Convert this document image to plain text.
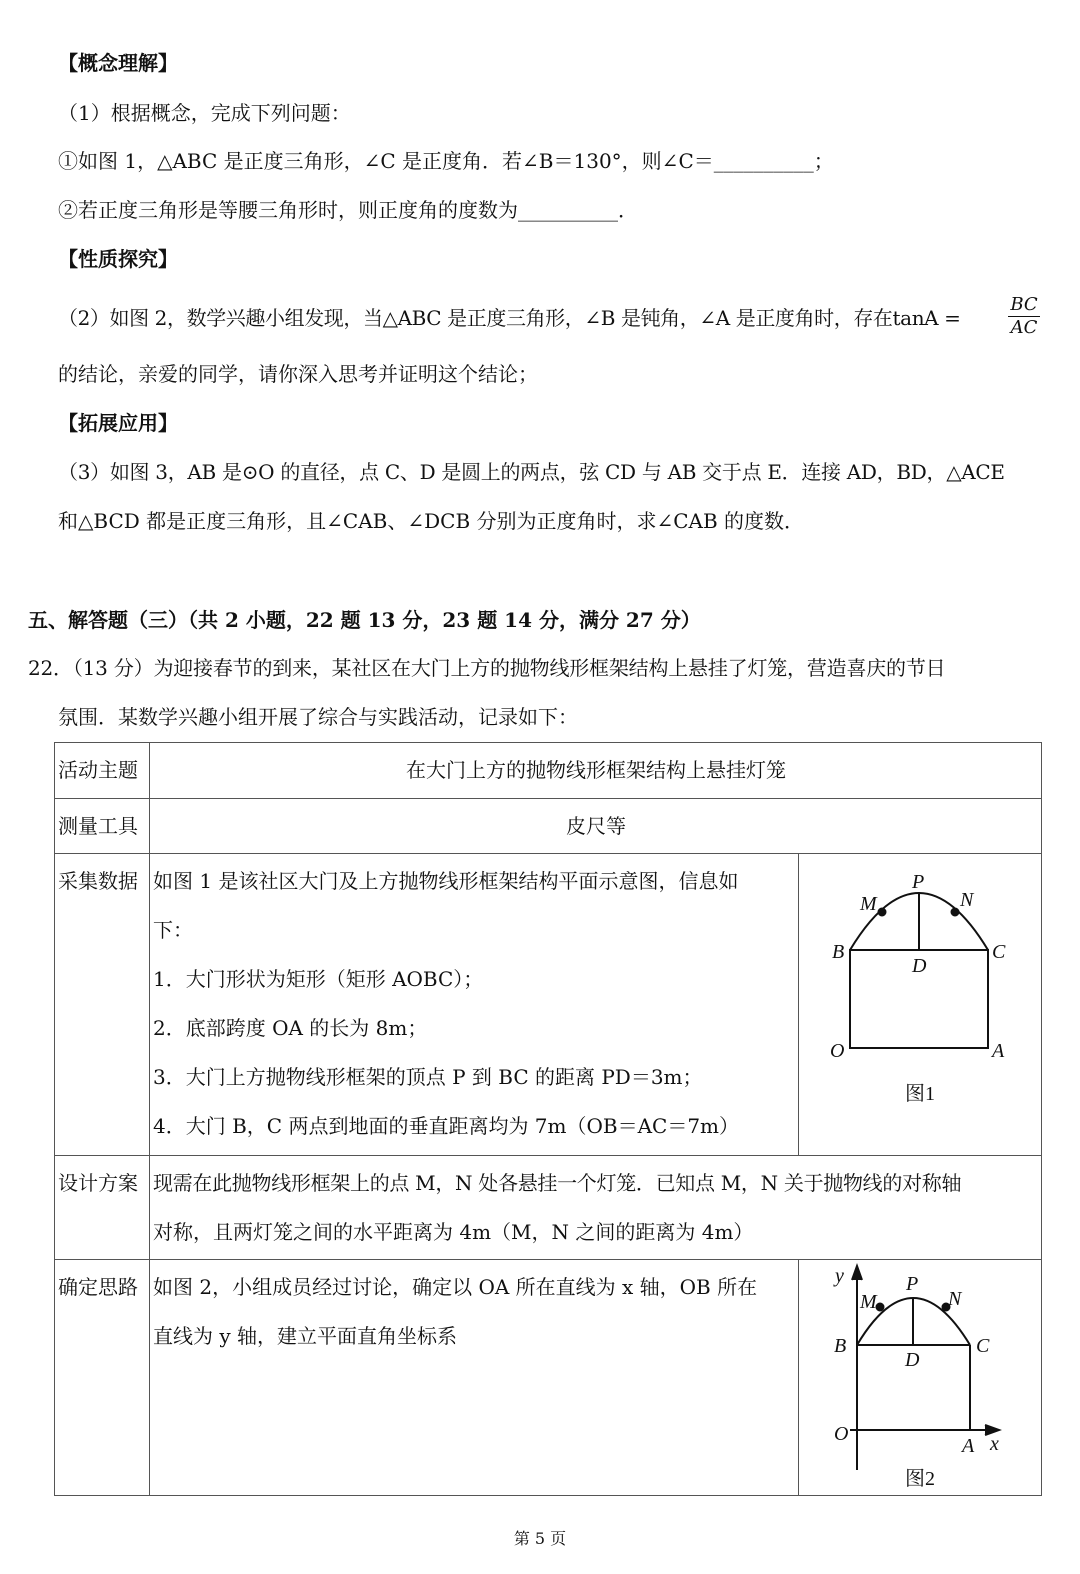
【概念理解】
（1）根据概念，完成下列问题：
①如图 1，△ABC 是正度三角形，∠C 是正度角．若∠B＝130°，则∠C＝__________；
②若正度三角形是等腰三角形时，则正度角的度数为__________．
【性质探究】
（2）如图 2，数学兴趣小组发现，当△ABC 是正度三角形，∠B 是钝角，∠A 是正度角时，存在tanA =	$\frac{BC}{AC}$
的结论，亲爱的同学，请你深入思考并证明这个结论；
【拓展应用】
（3）如图 3，AB 是⊙O 的直径，点 C、D 是圆上的两点，弦 CD 与 AB 交于点 E．连接 AD，BD，△ACE
和△BCD 都是正度三角形，且∠CAB、∠DCB 分别为正度角时，求∠CAB 的度数．
五、解答题（三）（共 2 小题，22 题 13 分，23 题 14 分，满分 27 分）
22．（13 分）为迎接春节的到来，某社区在大门上方的抛物线形框架结构上悬挂了灯笼，营造喜庆的节日
氛围．某数学兴趣小组开展了综合与实践活动，记录如下：
活动主题	在大门上方的抛物线形框架结构上悬挂灯笼
测量工具	皮尺等
采集数据 如图 1 是该社区大门及上方抛物线形框架结构平面示意图，信息如
下：
1．大门形状为矩形（矩形 AOBC）；
2．底部跨度 OA 的长为 8m；
3．大门上方抛物线形框架的顶点 P 到 BC 的距离 PD＝3m；
4．大门 B，C 两点到地面的垂直距离均为 7m（OB＝AC＝7m）
设计方案 现需在此抛物线形框架上的点 M，N 处各悬挂一个灯笼．已知点 M，N 关于抛物线的对称轴
对称，且两灯笼之间的水平距离为 4m（M，N 之间的距离为 4m）
确定思路 如图 2，小组成员经过讨论，确定以 OA 所在直线为 x 轴，OB 所在
直线为 y 轴，建立平面直角坐标系
P
M	N
B	C
D
O	A
图1
y	P
M	N
B	C
D
O
A x
图2
第 5 页
